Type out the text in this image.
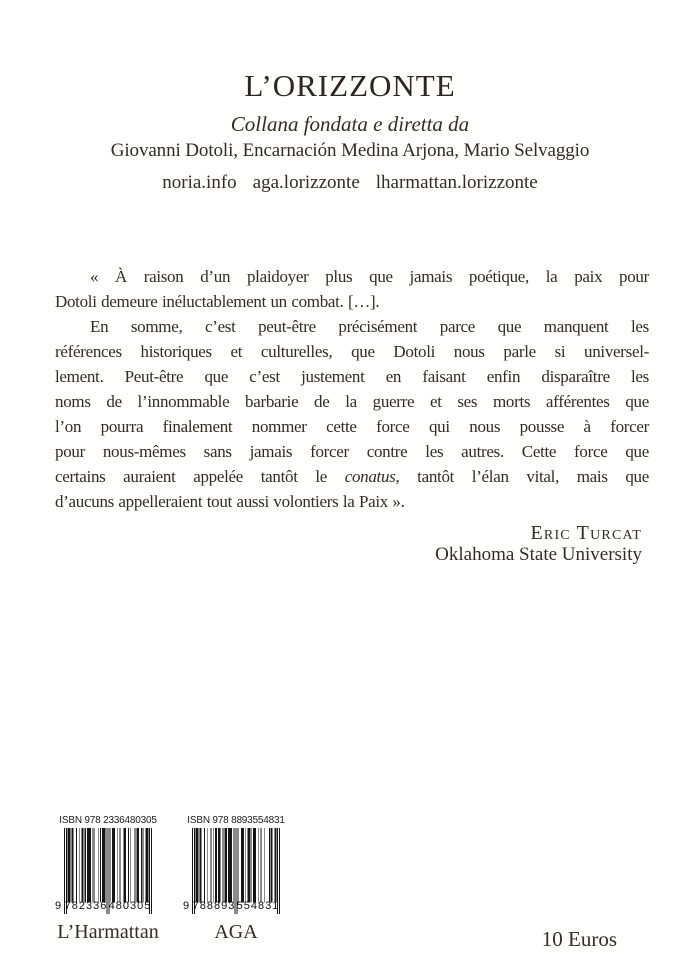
L’ORIZZONTE
Collana fondata e diretta da
Giovanni Dotoli, Encarnación Medina Arjona, Mario Selvaggio
noria.info aga.lorizzonte lharmattan.lorizzonte
« À raison d’un plaidoyer plus que jamais poétique, la paix pour
Dotoli demeure inéluctablement un combat. […].
En somme, c’est peut-être précisément parce que manquent les
références historiques et culturelles, que Dotoli nous parle si universel-
lement. Peut-être que c’est justement en faisant enfin disparaître les
noms de l’innommable barbarie de la guerre et ses morts afférentes que
l’on pourra finalement nommer cette force qui nous pousse à forcer
pour nous-mêmes sans jamais forcer contre les autres. Cette force que
certains auraient appelée tantôt le conatus, tantôt l’élan vital, mais que
d’aucuns appelleraient tout aussi volontiers la Paix ».
Eric Turcat
Oklahoma State University
ISBN 978 2336480305
9 782336 480305
L’Harmattan
ISBN 978 8893554831
9 788893 554831
AGA	10 Euros
